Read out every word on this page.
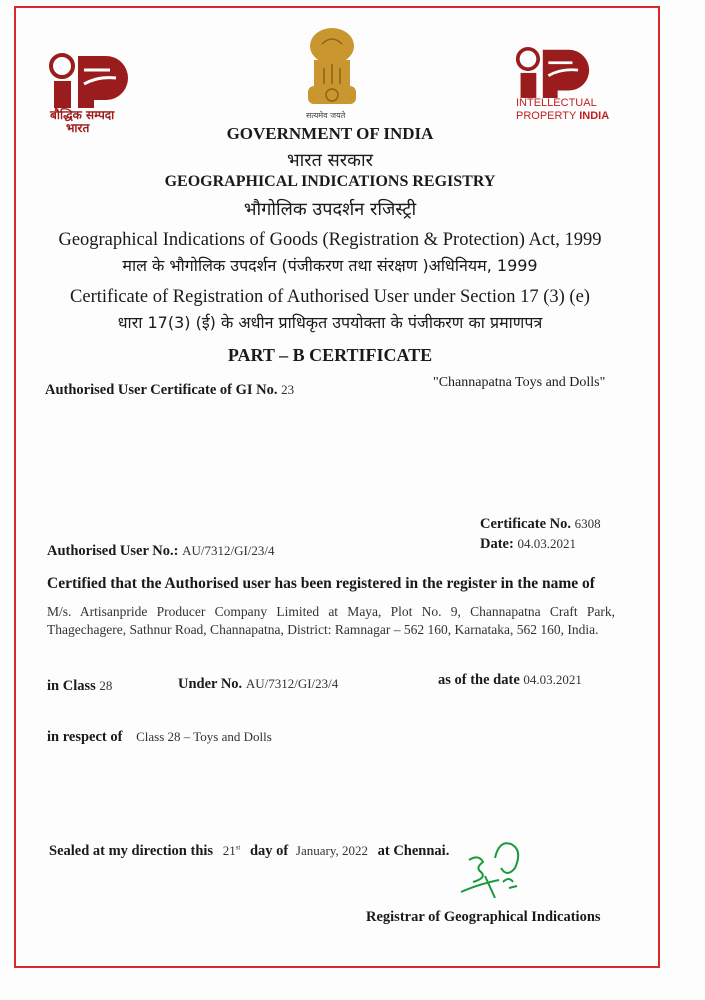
बौद्धिक सम्पदा
भारत
सत्यमेव जयते
INTELLECTUAL
PROPERTY INDIA
GOVERNMENT OF INDIA
भारत सरकार
GEOGRAPHICAL INDICATIONS REGISTRY
भौगोलिक उपदर्शन रजिस्ट्री
Geographical Indications of Goods (Registration & Protection) Act, 1999
माल के भौगोलिक उपदर्शन (पंजीकरण तथा संरक्षण )अधिनियम, 1999
Certificate of Registration of Authorised User under Section 17 (3) (e)
धारा 17(3) (ई) के अधीन प्राधिकृत उपयोक्ता के पंजीकरण का प्रमाणपत्र
PART – B CERTIFICATE
Authorised User Certificate of GI No. 23	"Channapatna Toys and Dolls"
Certificate No. 6308
Date: 04.03.2021
Authorised User No.: AU/7312/GI/23/4
Certified that the Authorised user has been registered in the register in the name of
M/s. Artisanpride Producer Company Limited at Maya, Plot No. 9, Channapatna Craft Park, Thagechagere, Sathnur Road, Channapatna, District: Ramnagar – 562 160, Karnataka, 562 160, India.
in Class 28	Under No. AU/7312/GI/23/4	as of the date 04.03.2021
in respect of Class 28 – Toys and Dolls
Sealed at my direction this 21st day of January, 2022 at Chennai.
Registrar of Geographical Indications
